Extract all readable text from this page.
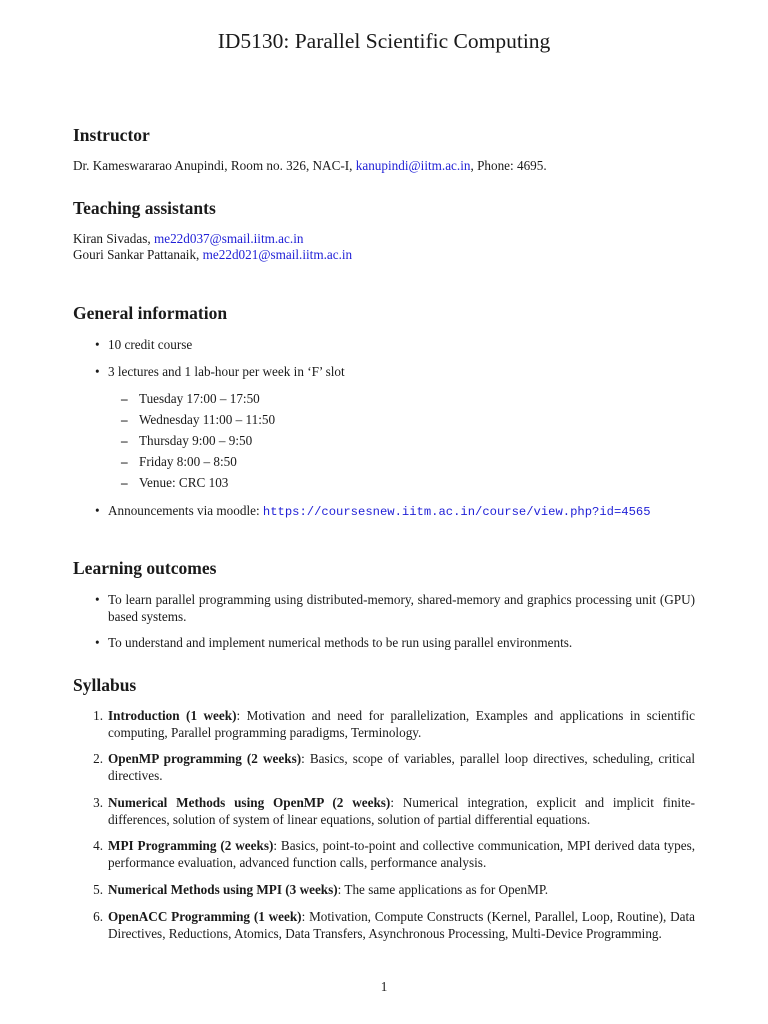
ID5130: Parallel Scientific Computing
Instructor
Dr. Kameswararao Anupindi, Room no. 326, NAC-I, kanupindi@iitm.ac.in, Phone: 4695.
Teaching assistants
Kiran Sivadas, me22d037@smail.iitm.ac.in
Gouri Sankar Pattanaik, me22d021@smail.iitm.ac.in
General information
• 10 credit course
• 3 lectures and 1 lab-hour per week in ‘F’ slot
– Tuesday 17:00 – 17:50
– Wednesday 11:00 – 11:50
– Thursday 9:00 – 9:50
– Friday 8:00 – 8:50
– Venue: CRC 103
• Announcements via moodle: https://coursesnew.iitm.ac.in/course/view.php?id=4565
Learning outcomes
• To learn parallel programming using distributed-memory, shared-memory and graphics processing unit (GPU) based systems.
• To understand and implement numerical methods to be run using parallel environments.
Syllabus
1. Introduction (1 week): Motivation and need for parallelization, Examples and applications in scientific computing, Parallel programming paradigms, Terminology.
2. OpenMP programming (2 weeks): Basics, scope of variables, parallel loop directives, scheduling, critical directives.
3. Numerical Methods using OpenMP (2 weeks): Numerical integration, explicit and implicit finite-differences, solution of system of linear equations, solution of partial differential equations.
4. MPI Programming (2 weeks): Basics, point-to-point and collective communication, MPI derived data types, performance evaluation, advanced function calls, performance analysis.
5. Numerical Methods using MPI (3 weeks): The same applications as for OpenMP.
6. OpenACC Programming (1 week): Motivation, Compute Constructs (Kernel, Parallel, Loop, Routine), Data Directives, Reductions, Atomics, Data Transfers, Asynchronous Processing, Multi-Device Programming.
1
